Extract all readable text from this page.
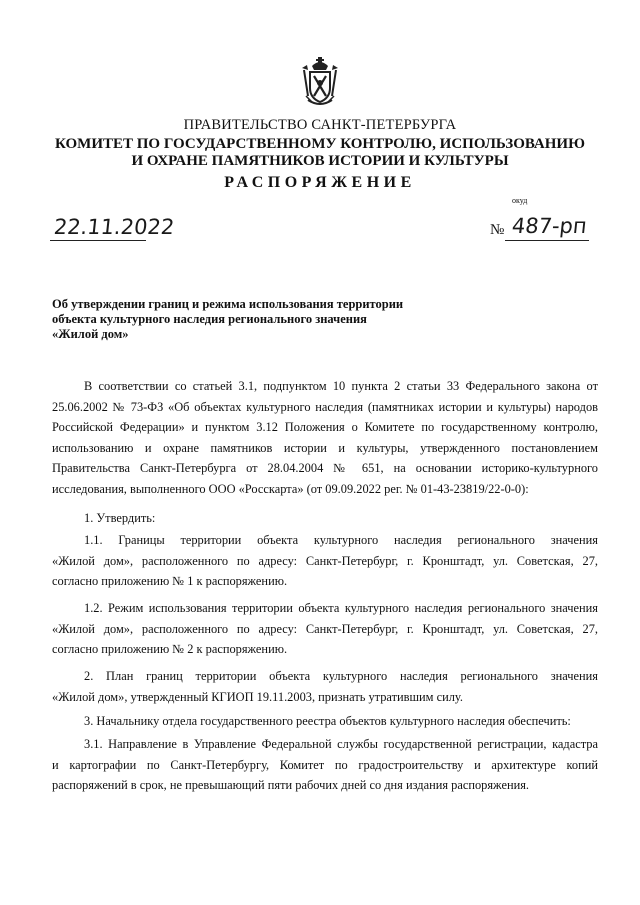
ПРАВИТЕЛЬСТВО САНКТ-ПЕТЕРБУРГА
КОМИТЕТ ПО ГОСУДАРСТВЕННОМУ КОНТРОЛЮ, ИСПОЛЬЗОВАНИЮ
И ОХРАНЕ ПАМЯТНИКОВ ИСТОРИИ И КУЛЬТУРЫ
РАСПОРЯЖЕНИЕ
окуд
22.11.2022	№ 487-рп
Об утверждении границ и режима использования территории
объекта культурного наследия регионального значения
«Жилой дом»
В соответствии со статьей 3.1, подпунктом 10 пункта 2 статьи 33 Федерального закона от
25.06.2002 № 73-ФЗ «Об объектах культурного наследия (памятниках истории и культуры) народов
Российской Федерации» и пунктом 3.12 Положения о Комитете по государственному контролю,
использованию и охране памятников истории и культуры, утвержденного постановлением
Правительства Санкт-Петербурга от 28.04.2004 № 651, на основании историко-культурного
исследования, выполненного ООО «Росскарта» (от 09.09.2022 рег. № 01-43-23819/22-0-0):
1. Утвердить:
1.1. Границы территории объекта культурного наследия регионального значения
«Жилой дом», расположенного по адресу: Санкт-Петербург, г. Кронштадт, ул. Советская, 27,
согласно приложению № 1 к распоряжению.
1.2. Режим использования территории объекта культурного наследия регионального значения
«Жилой дом», расположенного по адресу: Санкт-Петербург, г. Кронштадт, ул. Советская, 27,
согласно приложению № 2 к распоряжению.
2. План границ территории объекта культурного наследия регионального значения
«Жилой дом», утвержденный КГИОП 19.11.2003, признать утратившим силу.
3. Начальнику отдела государственного реестра объектов культурного наследия обеспечить:
3.1. Направление в Управление Федеральной службы государственной регистрации, кадастра
и картографии по Санкт-Петербургу, Комитет по градостроительству и архитектуре копий
распоряжений в срок, не превышающий пяти рабочих дней со дня издания распоряжения.
